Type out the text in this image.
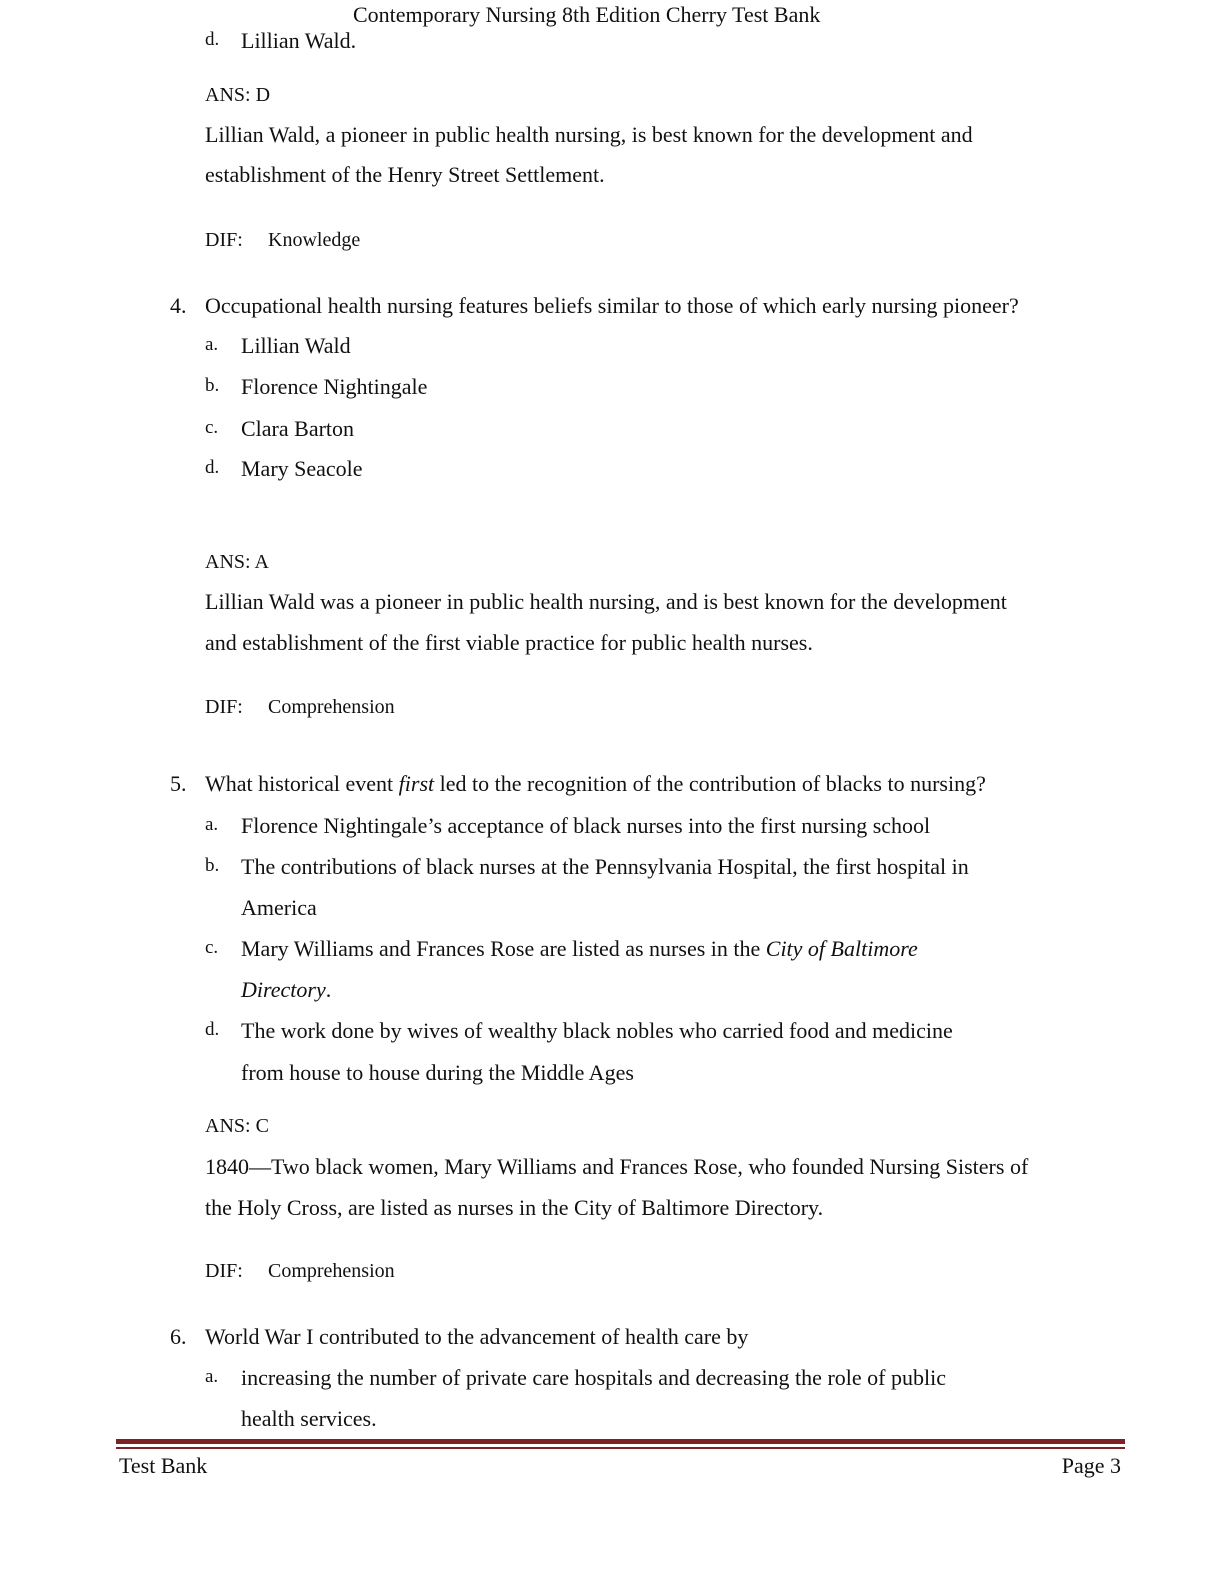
Contemporary Nursing 8th Edition Cherry Test Bank
d. Lillian Wald.
ANS: D
Lillian Wald, a pioneer in public health nursing, is best known for the development and
establishment of the Henry Street Settlement.
DIF: Knowledge
4. Occupational health nursing features beliefs similar to those of which early nursing pioneer?
a. Lillian Wald
b. Florence Nightingale
c. Clara Barton
d. Mary Seacole
ANS: A
Lillian Wald was a pioneer in public health nursing, and is best known for the development
and establishment of the first viable practice for public health nurses.
DIF: Comprehension
5. What historical event first led to the recognition of the contribution of blacks to nursing?
a. Florence Nightingale’s acceptance of black nurses into the first nursing school
b. The contributions of black nurses at the Pennsylvania Hospital, the first hospital in
America
c. Mary Williams and Frances Rose are listed as nurses in the City of Baltimore
Directory.
d. The work done by wives of wealthy black nobles who carried food and medicine
from house to house during the Middle Ages
ANS: C
1840—Two black women, Mary Williams and Frances Rose, who founded Nursing Sisters of
the Holy Cross, are listed as nurses in the City of Baltimore Directory.
DIF: Comprehension
6. World War I contributed to the advancement of health care by
a. increasing the number of private care hospitals and decreasing the role of public
health services.
Test Bank	Page 3
